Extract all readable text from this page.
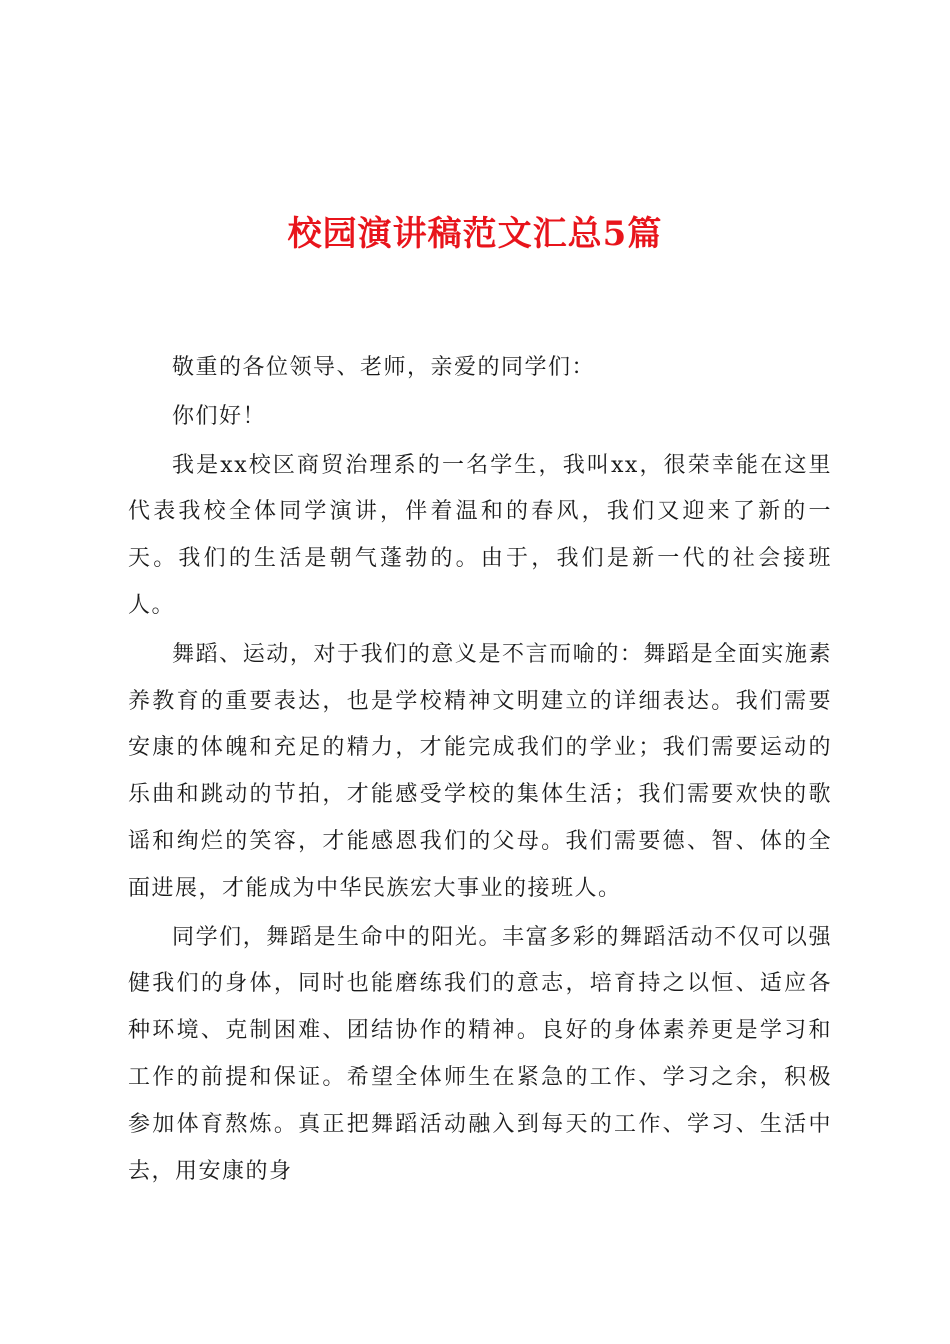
校园演讲稿范文汇总5篇

敬重的各位领导、老师，亲爱的同学们：

你们好！

我是xx校区商贸治理系的一名学生，我叫xx，很荣幸能在这里代表我校全体同学演讲，伴着温和的春风，我们又迎来了新的一天。我们的生活是朝气蓬勃的。由于，我们是新一代的社会接班人。

舞蹈、运动，对于我们的意义是不言而喻的：舞蹈是全面实施素养教育的重要表达，也是学校精神文明建立的详细表达。我们需要安康的体魄和充足的精力，才能完成我们的学业；我们需要运动的乐曲和跳动的节拍，才能感受学校的集体生活；我们需要欢快的歌谣和绚烂的笑容，才能感恩我们的父母。我们需要德、智、体的全面进展，才能成为中华民族宏大事业的接班人。

同学们，舞蹈是生命中的阳光。丰富多彩的舞蹈活动不仅可以强健我们的身体，同时也能磨练我们的意志，培育持之以恒、适应各种环境、克制困难、团结协作的精神。良好的身体素养更是学习和工作的前提和保证。希望全体师生在紧急的工作、学习之余，积极参加体育熬炼。真正把舞蹈活动融入到每天的工作、学习、生活中去，用安康的身
